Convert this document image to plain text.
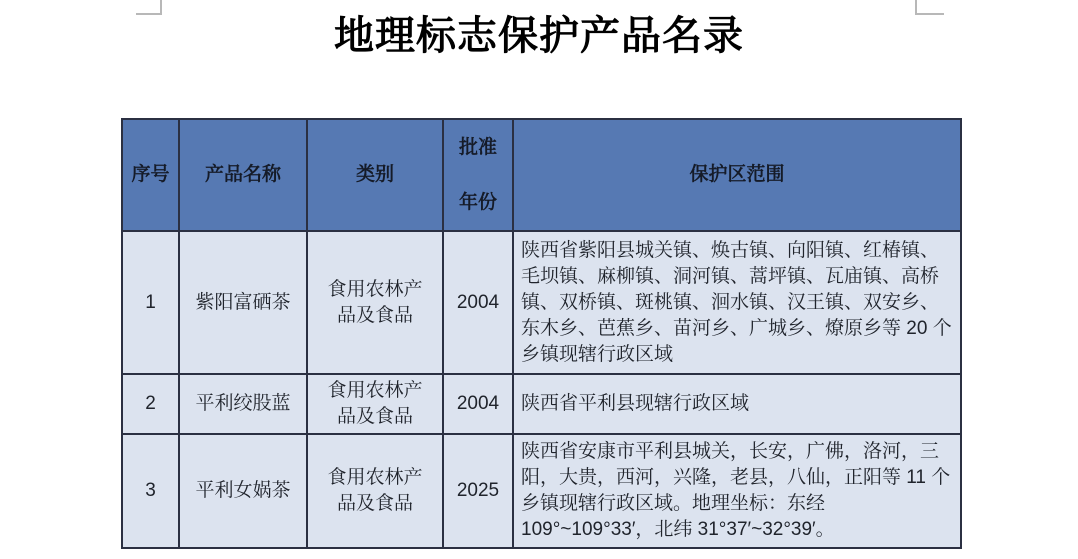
地理标志保护产品名录
序号	产品名称	类别	批准年份	保护区范围
1	紫阳富硒茶	食用农林产品及食品	2004	陕西省紫阳县城关镇、焕古镇、向阳镇、红椿镇、毛坝镇、麻柳镇、洞河镇、蒿坪镇、瓦庙镇、高桥镇、双桥镇、斑桃镇、洄水镇、汉王镇、双安乡、东木乡、芭蕉乡、苗河乡、广城乡、燎原乡等 20 个乡镇现辖行政区域
2	平利绞股蓝	食用农林产品及食品	2004	陕西省平利县现辖行政区域
3	平利女娲茶	食用农林产品及食品	2025	陕西省安康市平利县城关，长安，广佛，洛河，三阳，大贵，西河，兴隆，老县，八仙，正阳等 11 个乡镇现辖行政区域。地理坐标：东经 109°~109°33′，北纬 31°37′~32°39′。
